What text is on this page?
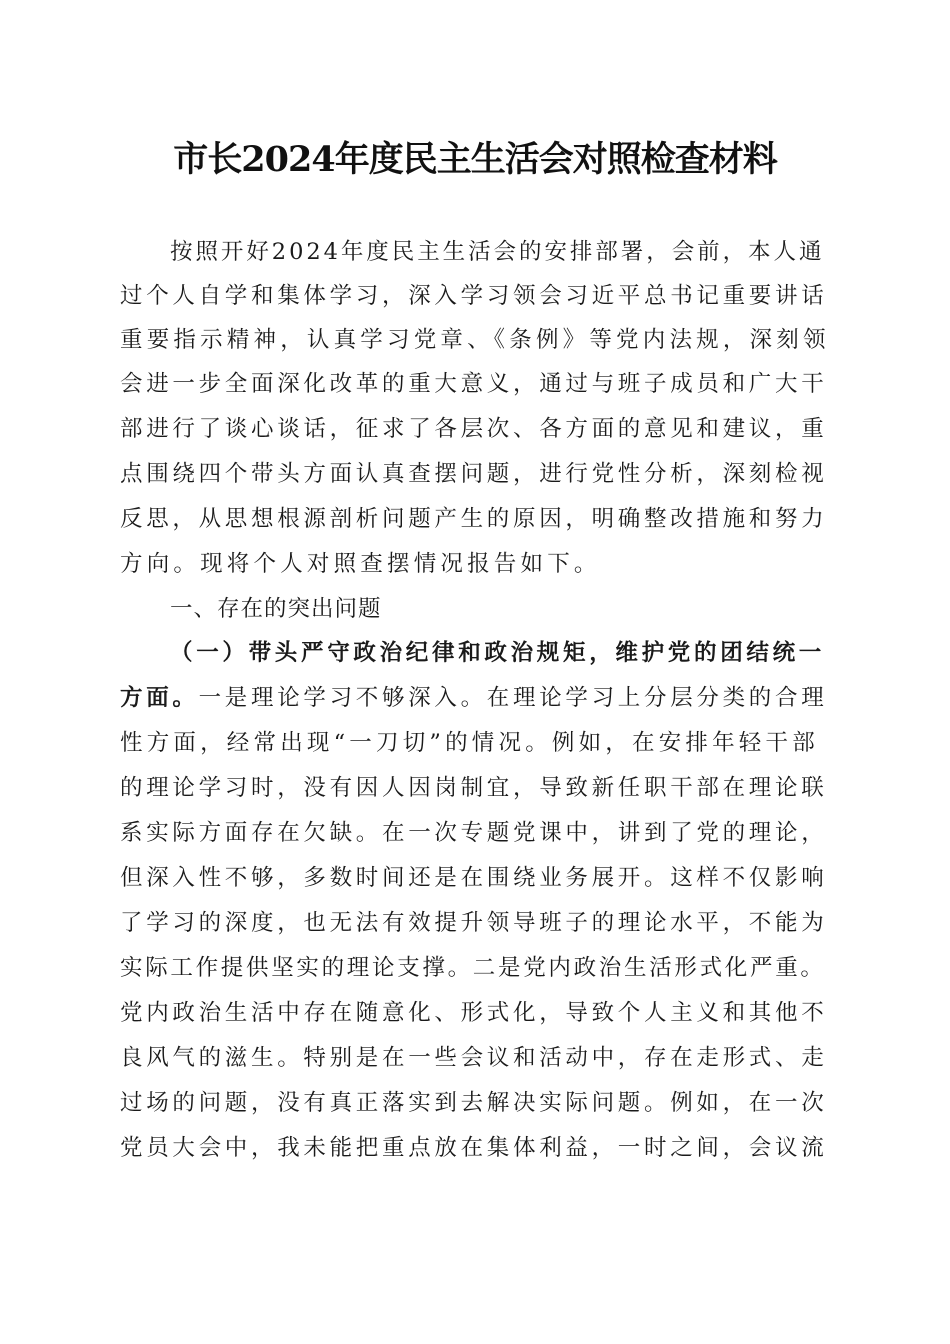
市长2024年度民主生活会对照检查材料
按照开好2024年度民主生活会的安排部署，会前，本人通
过个人自学和集体学习，深入学习领会习近平总书记重要讲话
重要指示精神，认真学习党章、《条例》等党内法规，深刻领
会进一步全面深化改革的重大意义，通过与班子成员和广大干
部进行了谈心谈话，征求了各层次、各方面的意见和建议，重
点围绕四个带头方面认真查摆问题，进行党性分析，深刻检视
反思，从思想根源剖析问题产生的原因，明确整改措施和努力
方向。现将个人对照查摆情况报告如下。
一、存在的突出问题
（一）带头严守政治纪律和政治规矩，维护党的团结统一
方面。一是理论学习不够深入。在理论学习上分层分类的合理
性方面，经常出现“一刀切”的情况。例如，在安排年轻干部
的理论学习时，没有因人因岗制宜，导致新任职干部在理论联
系实际方面存在欠缺。在一次专题党课中，讲到了党的理论，
但深入性不够，多数时间还是在围绕业务展开。这样不仅影响
了学习的深度，也无法有效提升领导班子的理论水平，不能为
实际工作提供坚实的理论支撑。二是党内政治生活形式化严重。
党内政治生活中存在随意化、形式化，导致个人主义和其他不
良风气的滋生。特别是在一些会议和活动中，存在走形式、走
过场的问题，没有真正落实到去解决实际问题。例如，在一次
党员大会中，我未能把重点放在集体利益，一时之间，会议流
